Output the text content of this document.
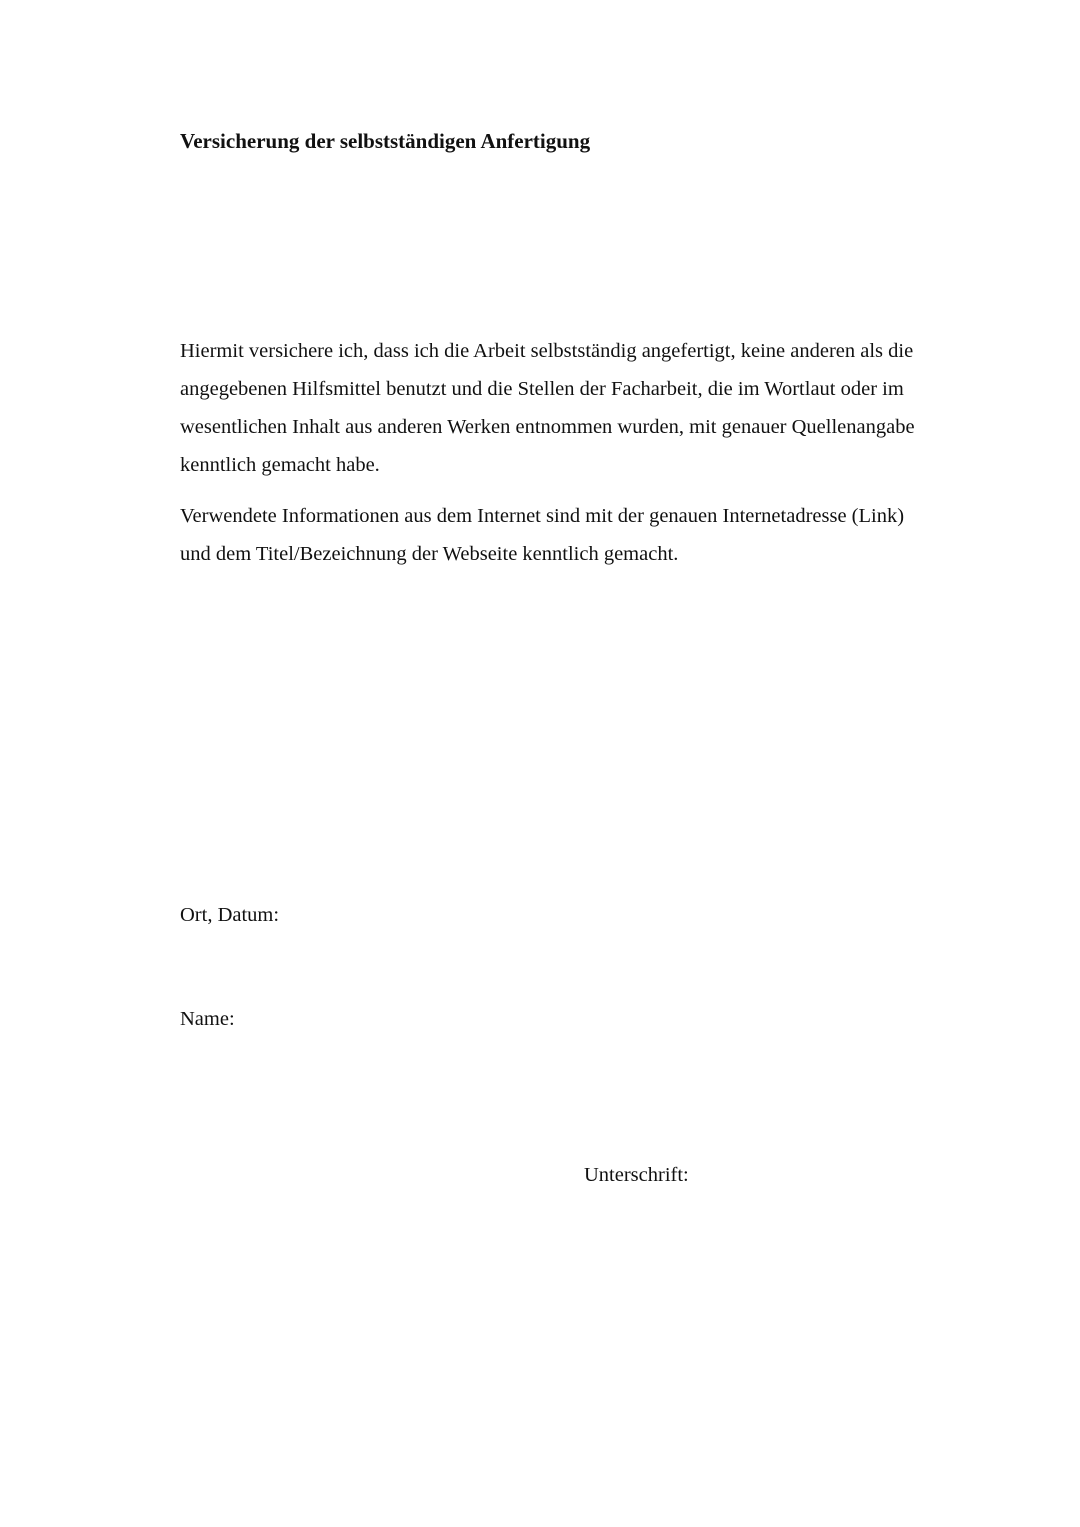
Versicherung der selbstständigen Anfertigung
Hiermit versichere ich, dass ich die Arbeit selbstständig angefertigt, keine anderen als die
angegebenen Hilfsmittel benutzt und die Stellen der Facharbeit, die im Wortlaut oder im
wesentlichen Inhalt aus anderen Werken entnommen wurden, mit genauer Quellenangabe
kenntlich gemacht habe.
Verwendete Informationen aus dem Internet sind mit der genauen Internetadresse (Link)
und dem Titel/Bezeichnung der Webseite kenntlich gemacht.
Ort, Datum:
Name:
Unterschrift:
